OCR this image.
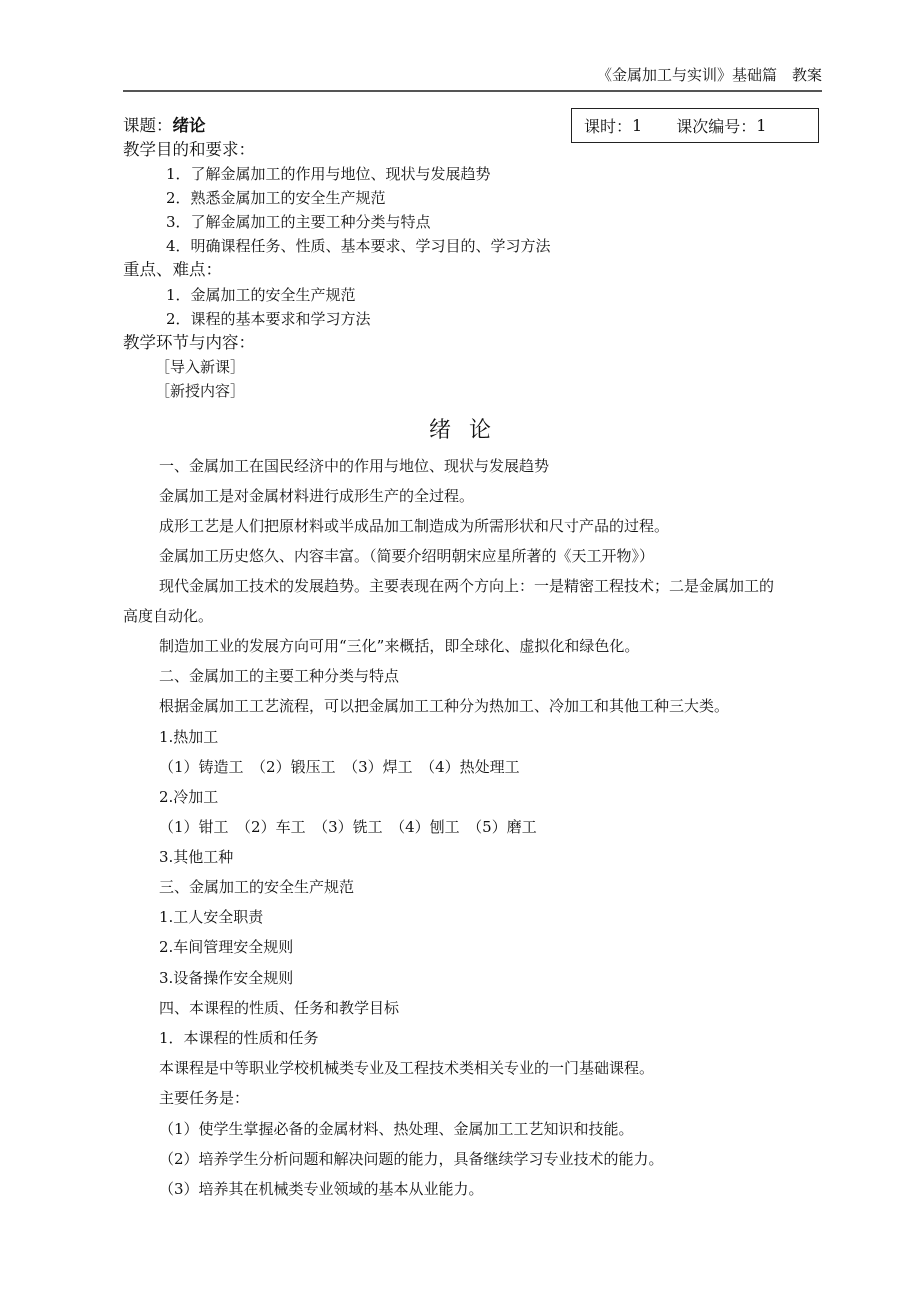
《金属加工与实训》基础篇　教案
课时： 1 课次编号： 1
课题：绪论
教学目的和要求：
1．了解金属加工的作用与地位、现状与发展趋势
2．熟悉金属加工的安全生产规范
3．了解金属加工的主要工种分类与特点
4．明确课程任务、性质、基本要求、学习目的、学习方法
重点、难点：
1．金属加工的安全生产规范
2．课程的基本要求和学习方法
教学环节与内容：
［导入新课］
［新授内容］
绪论
一、金属加工在国民经济中的作用与地位、现状与发展趋势
金属加工是对金属材料进行成形生产的全过程。
成形工艺是人们把原材料或半成品加工制造成为所需形状和尺寸产品的过程。
金属加工历史悠久、内容丰富。（简要介绍明朝宋应星所著的《天工开物》）
现代金属加工技术的发展趋势。主要表现在两个方向上：一是精密工程技术；二是金属加工的
高度自动化。
制造加工业的发展方向可用“三化”来概括，即全球化、虚拟化和绿色化。
二、金属加工的主要工种分类与特点
根据金属加工工艺流程，可以把金属加工工种分为热加工、冷加工和其他工种三大类。
1.热加工
（1）铸造工　（2）锻压工　（3）焊工　（4）热处理工
2.冷加工
（1）钳工　（2）车工　（3）铣工　（4）刨工　（5）磨工
3.其他工种
三、金属加工的安全生产规范
1.工人安全职责
2.车间管理安全规则
3.设备操作安全规则
四、本课程的性质、任务和教学目标
1．本课程的性质和任务
本课程是中等职业学校机械类专业及工程技术类相关专业的一门基础课程。
主要任务是：
（1）使学生掌握必备的金属材料、热处理、金属加工工艺知识和技能。
（2）培养学生分析问题和解决问题的能力，具备继续学习专业技术的能力。
（3）培养其在机械类专业领域的基本从业能力。
